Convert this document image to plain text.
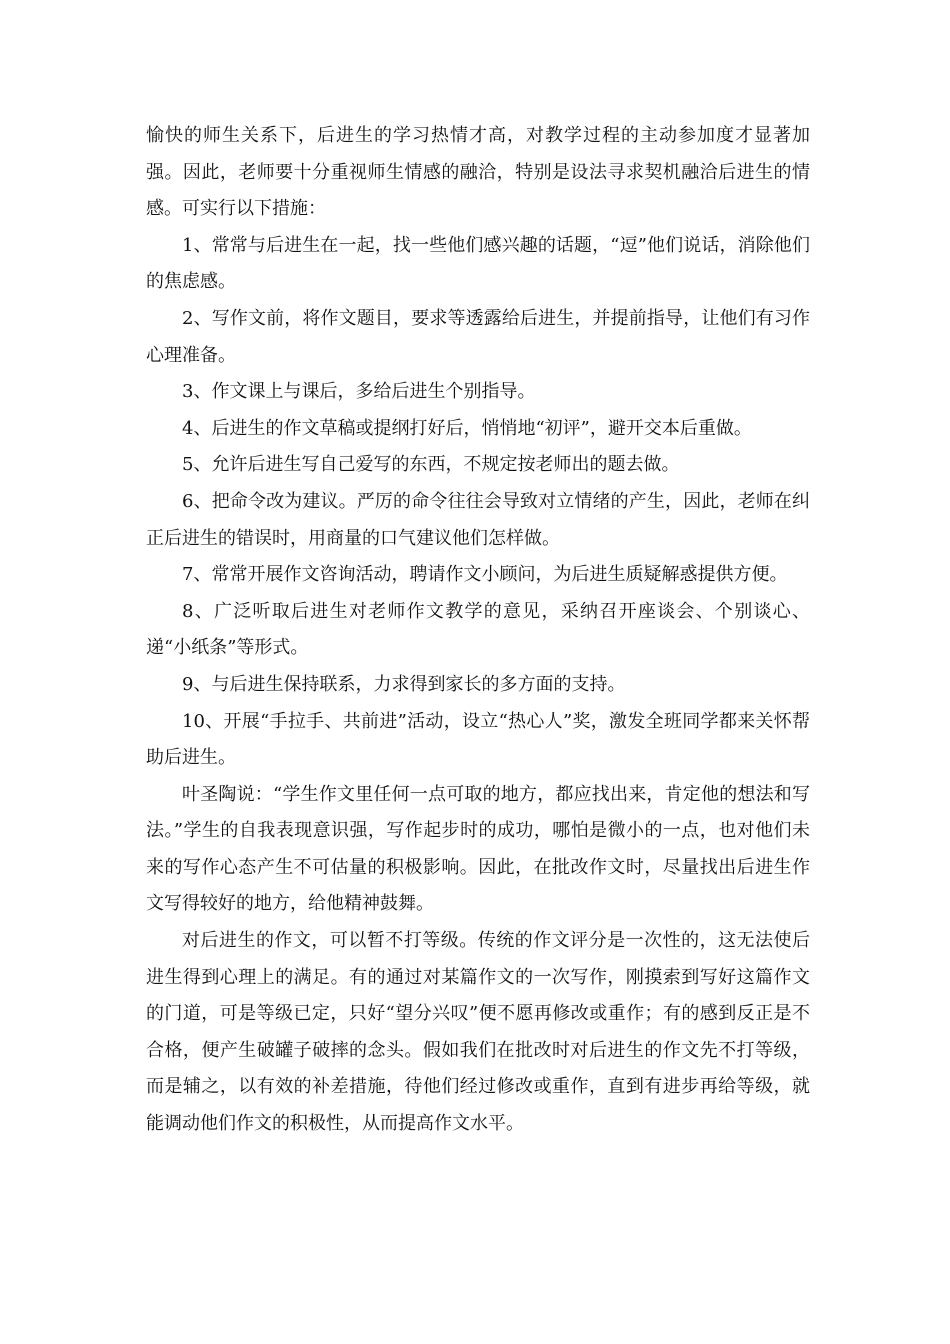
愉快的师生关系下，后进生的学习热情才高，对教学过程的主动参加度才显著加强。因此，老师要十分重视师生情感的融洽，特别是设法寻求契机融洽后进生的情感。可实行以下措施：

1、常常与后进生在一起，找一些他们感兴趣的话题，“逗”他们说话，消除他们的焦虑感。

2、写作文前，将作文题目，要求等透露给后进生，并提前指导，让他们有习作心理准备。

3、作文课上与课后，多给后进生个别指导。

4、后进生的作文草稿或提纲打好后，悄悄地“初评”，避开交本后重做。

5、允许后进生写自己爱写的东西，不规定按老师出的题去做。

6、把命令改为建议。严厉的命令往往会导致对立情绪的产生，因此，老师在纠正后进生的错误时，用商量的口气建议他们怎样做。

7、常常开展作文咨询活动，聘请作文小顾问，为后进生质疑解惑提供方便。

8、广泛听取后进生对老师作文教学的意见，采纳召开座谈会、个别谈心、递“小纸条”等形式。

9、与后进生保持联系，力求得到家长的多方面的支持。

10、开展“手拉手、共前进”活动，设立“热心人”奖，激发全班同学都来关怀帮助后进生。

叶圣陶说：“学生作文里任何一点可取的地方，都应找出来，肯定他的想法和写法。”学生的自我表现意识强，写作起步时的成功，哪怕是微小的一点，也对他们未来的写作心态产生不可估量的积极影响。因此，在批改作文时，尽量找出后进生作文写得较好的地方，给他精神鼓舞。

对后进生的作文，可以暂不打等级。传统的作文评分是一次性的，这无法使后进生得到心理上的满足。有的通过对某篇作文的一次写作，刚摸索到写好这篇作文的门道，可是等级已定，只好“望分兴叹”便不愿再修改或重作；有的感到反正是不合格，便产生破罐子破摔的念头。假如我们在批改时对后进生的作文先不打等级，而是辅之，以有效的补差措施，待他们经过修改或重作，直到有进步再给等级，就能调动他们作文的积极性，从而提高作文水平。
